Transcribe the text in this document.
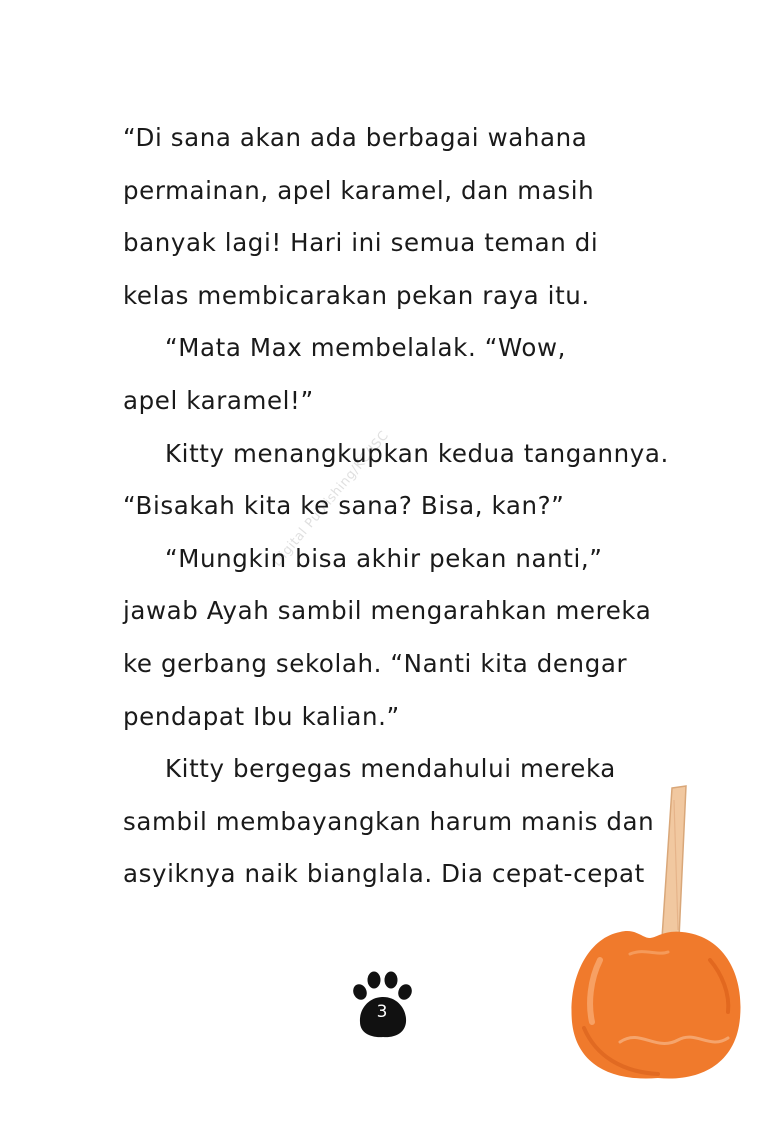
Digital Publishing/KC/ISC
“Di sana akan ada berbagai wahana
permainan, apel karamel, dan masih
banyak lagi! Hari ini semua teman di
kelas membicarakan pekan raya itu.
“Mata Max membelalak. “Wow,
apel karamel!”
Kitty menangkupkan kedua tangannya.
“Bisakah kita ke sana? Bisa, kan?”
“Mungkin bisa akhir pekan nanti,”
jawab Ayah sambil mengarahkan mereka
ke gerbang sekolah. “Nanti kita dengar
pendapat Ibu kalian.”
Kitty bergegas mendahului mereka
sambil membayangkan harum manis dan
asyiknya naik bianglala. Dia cepat-cepat
3
